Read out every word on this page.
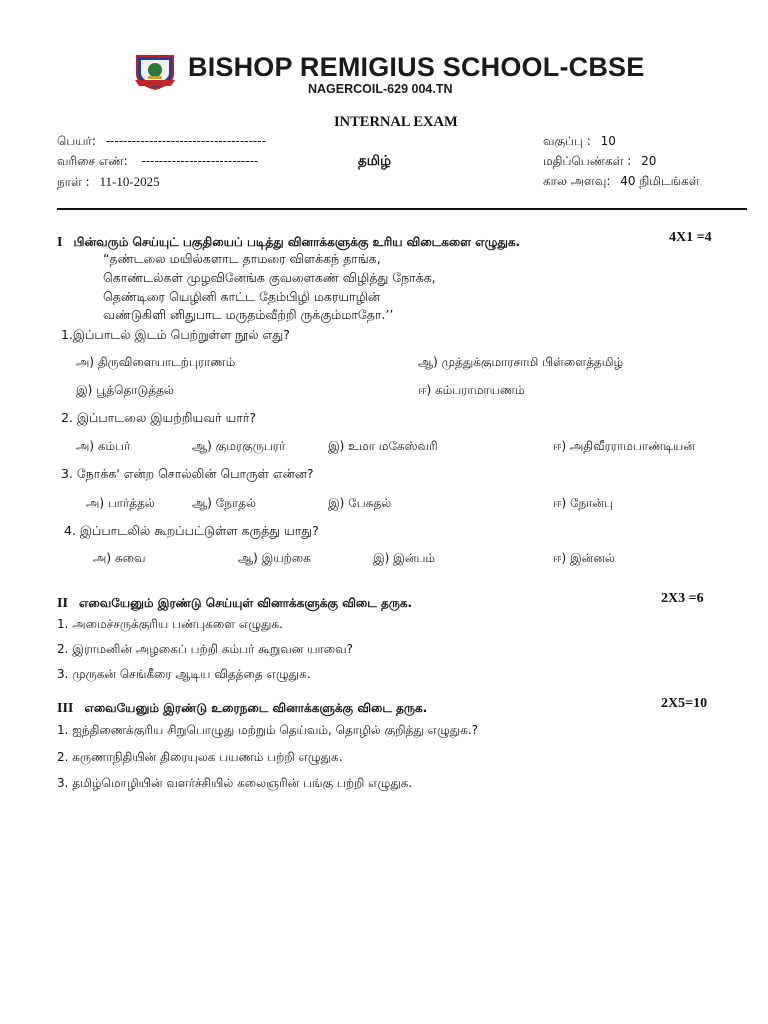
BISHOP REMIGIUS SCHOOL-CBSE
NAGERCOIL-629 004.TN
INTERNAL EXAM
தமிழ்
பெயர்: -------------------------------------
வரிசை எண்: ---------------------------
நாள் : 11-10-2025
வகுப்பு : 10
மதிப்பெண்கள் : 20
கால அளவு: 40 நிமிடங்கள்
I பின்வரும் செய்யுட் பகுதியைப் படித்து வினாக்களுக்கு உரிய விடைகளை எழுதுக.	4X1 =4
“தண்டலை மயில்களாட தாமரை விளக்கந் தாங்க,
கொண்டல்கள் முழவினேங்க குவளைகண் விழித்து நோக்க,
தெண்டிரை யெழினி காட்ட தேம்பிழி மகரயாழின்
வண்டுகிளி னிதுபாட மருதம்வீற்றி ருக்கும்மாதோ.’’
1.இப்பாடல் இடம் பெற்றுள்ள நூல் எது?
அ) திருவிளையாடற்புராணம்	ஆ) முத்துக்குமாரசாமி பிள்ளைத்தமிழ்
இ) பூத்தொடுத்தல்	ஈ) கம்பராமாயணம்
2. இப்பாடலை இயற்றியவர் யார்?
அ) கம்பர்	ஆ) குமரகுருபரர்	இ) உமா மகேஸ்வரி	ஈ) அதிவீரராமபாண்டியன்
3. நோக்க' என்ற சொல்லின் பொருள் என்ன?
அ) பார்த்தல்	ஆ) நோதல்	இ) பேசுதல்	ஈ) நோன்பு
4. இப்பாடலில் கூறப்பட்டுள்ள கருத்து யாது?
அ) சுவை	ஆ) இயற்கை	இ) இன்பம்	ஈ) இன்னல்
II எவையேனும் இரண்டு செய்யுள் வினாக்களுக்கு விடை தருக.	2X3 =6
1. அமைச்சருக்குரிய பண்புகளை எழுதுக.
2. இராமனின் அழகைப் பற்றி கம்பர் கூறுவன யாவை?
3. முருகன் செங்கீரை ஆடிய விதத்தை எழுதுக.
III எவையேனும் இரண்டு உரைநடை வினாக்களுக்கு விடை தருக.	2X5=10
1. ஐந்திணைக்குரிய சிறுபொழுது மற்றும் தெய்வம், தொழில் குறித்து எழுதுக.?
2. கருணாநிதியின் திரையுலக பயணம் பற்றி எழுதுக.
3. தமிழ்மொழியின் வளர்ச்சியில் கலைஞரின் பங்கு பற்றி எழுதுக.
